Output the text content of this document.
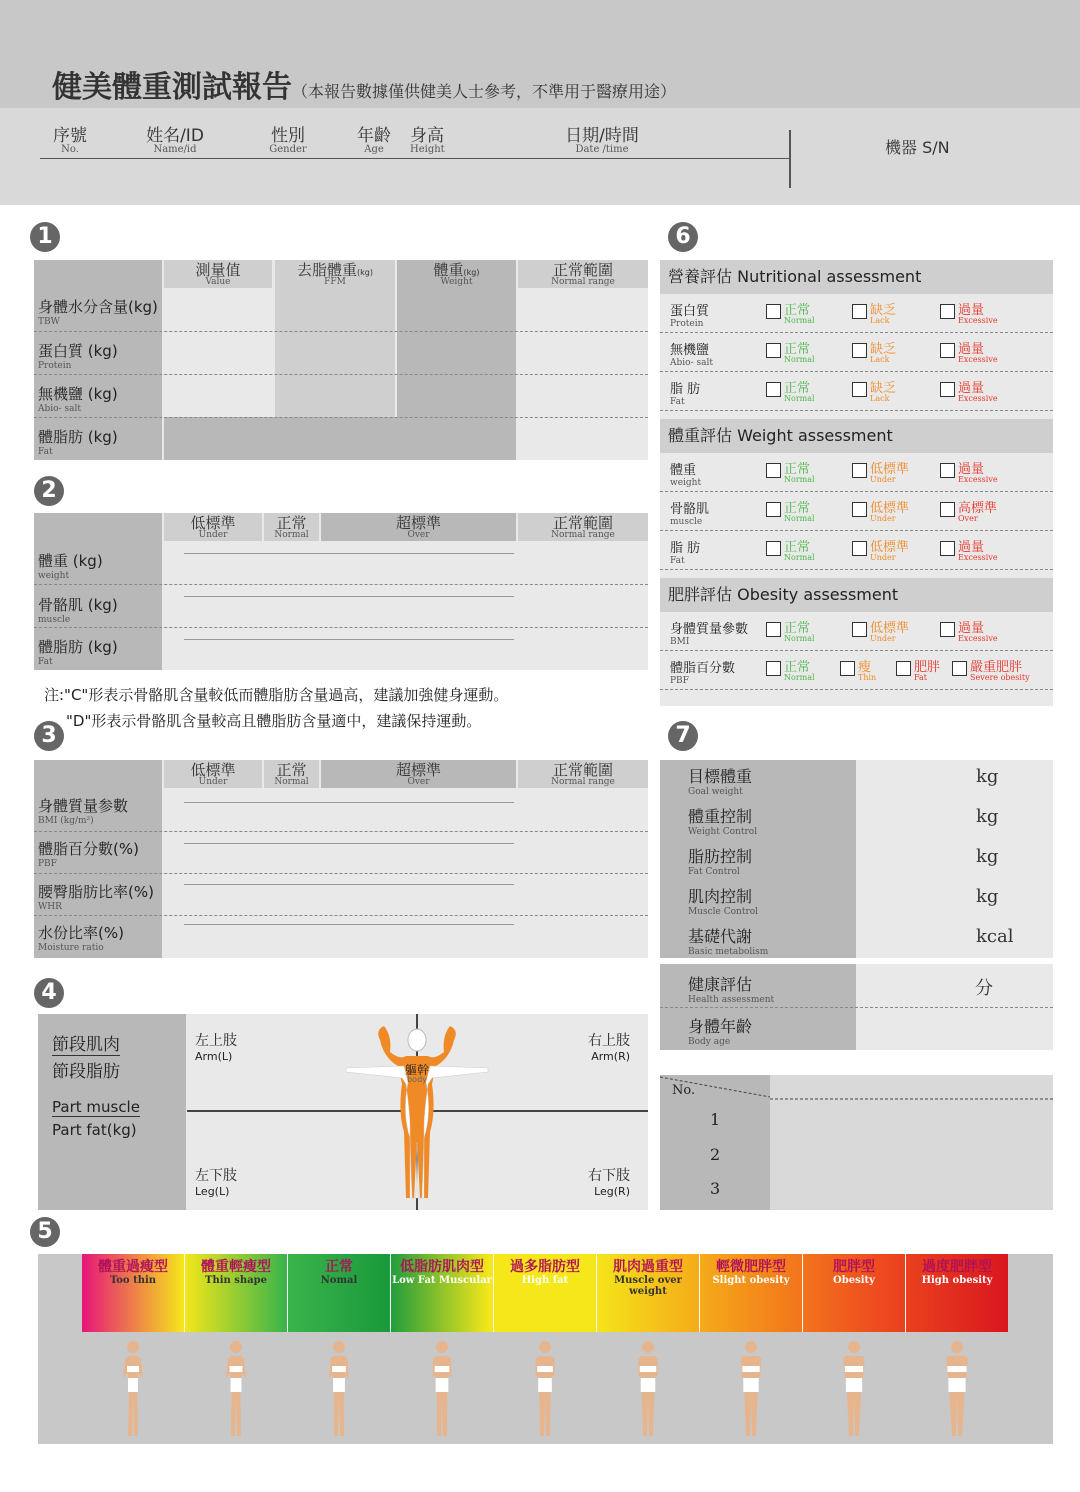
健美體重測試報告（本報告數據僅供健美人士參考，不準用于醫療用途）
序號
No.
姓名/ID
Name/id
性別
Gender
年齡
Age
身高
Height
日期/時間
Date /time	機器 S/N
1
測量值
Value
去脂體重(kg)
FFM
體重(kg)
Weight
正常範圍
Normal range
身體水分含量(kg)
TBW
蛋白質 (kg)
Protein
無機鹽 (kg)
Abio- salt
體脂肪 (kg)
Fat
2
低標準
Under
正常
Normal
超標準
Over
正常範圍
Normal range
體重 (kg)
weight
骨骼肌 (kg)
muscle
體脂肪 (kg)
Fat
注:"C"形表示骨骼肌含量較低而體脂肪含量過高，建議加強健身運動。
"D"形表示骨骼肌含量較高且體脂肪含量適中，建議保持運動。
3
低標準
Under
正常
Normal
超標準
Over
正常範圍
Normal range
身體質量参數
BMI (kg/m²)
體脂百分數(%)
PBF
腰臀脂肪比率(%)
WHR
水份比率(%)
Moisture ratio
4
節段肌肉
節段脂肪
Part muscle
Part fat(kg)
左上肢
Arm(L)
右上肢
Arm(R)
左下肢
Leg(L)
右下肢
Leg(R)
軀幹
body
5
體重過瘦型
Too thin
體重輕瘦型
Thin shape
正常
Nomal
低脂肪肌肉型
Low Fat Muscular
過多脂肪型
High fat
肌肉過重型
Muscle over weight
輕微肥胖型
Slight obesity
肥胖型
Obesity
過度肥胖型
High obesity
6
營養評估 Nutritional assessment
蛋白質
Protein
正常
Normal
缺乏
Lack
過量
Excessive
無機鹽
Abio- salt
正常
Normal
缺乏
Lack
過量
Excessive
脂 肪
Fat
正常
Normal
缺乏
Lack
過量
Excessive
體重評估 Weight assessment
體重
weight
正常
Normal
低標準
Under
過量
Excessive
骨骼肌
muscle
正常
Normal
低標準
Under
高標準
Over
脂 肪
Fat
正常
Normal
低標準
Under
過量
Excessive
肥胖評估 Obesity assessment
身體質量參數
BMI
正常
Normal
低標準
Under
過量
Excessive
體脂百分數
PBF
正常
Normal
瘦
Thin
肥胖
Fat
嚴重肥胖
Severe obesity
7
目標體重
Goal weight
kg
體重控制
Weight Control
kg
脂肪控制
Fat Control
kg
肌肉控制
Muscle Control
kg
基礎代謝
Basic metabolism
kcal
健康評估
Health assessment
分
身體年齡
Body age
No.
1
2
3
